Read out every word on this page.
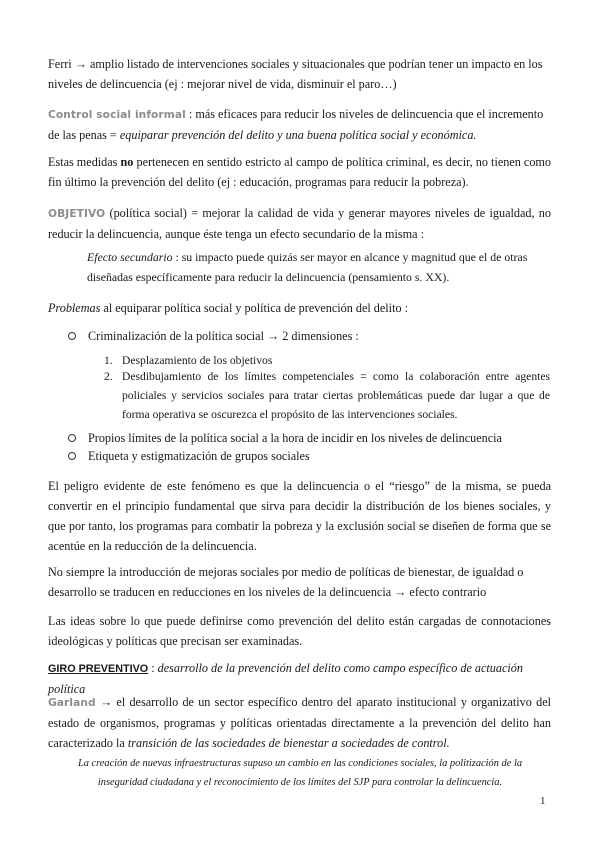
Ferri → amplio listado de intervenciones sociales y situacionales que podrían tener un impacto en los niveles de delincuencia (ej : mejorar nivel de vida, disminuir el paro…)
Control social informal : más eficaces para reducir los niveles de delincuencia que el incremento de las penas = equiparar prevención del delito y una buena política social y económica.
Estas medidas no pertenecen en sentido estricto al campo de política criminal, es decir, no tienen como fin último la prevención del delito (ej : educación, programas para reducir la pobreza).
OBJETIVO (política social) = mejorar la calidad de vida y generar mayores niveles de igualdad, no reducir la delincuencia, aunque éste tenga un efecto secundario de la misma :
Efecto secundario : su impacto puede quizás ser mayor en alcance y magnitud que el de otras diseñadas específicamente para reducir la delincuencia (pensamiento s. XX).
Problemas al equiparar política social y política de prevención del delito :
Criminalización de la política social → 2 dimensiones :
1. Desplazamiento de los objetivos
2. Desdibujamiento de los límites competenciales = como la colaboración entre agentes policiales y servicios sociales para tratar ciertas problemáticas puede dar lugar a que de forma operativa se oscurezca el propósito de las intervenciones sociales.
Propios límites de la política social a la hora de incidir en los niveles de delincuencia
Etiqueta y estigmatización de grupos sociales
El peligro evidente de este fenómeno es que la delincuencia o el “riesgo” de la misma, se pueda convertir en el principio fundamental que sirva para decidir la distribución de los bienes sociales, y que por tanto, los programas para combatir la pobreza y la exclusión social se diseñen de forma que se acentúe en la reducción de la delincuencia.
No siempre la introducción de mejoras sociales por medio de políticas de bienestar, de igualdad o desarrollo se traducen en reducciones en los niveles de la delincuencia → efecto contrario
Las ideas sobre lo que puede definirse como prevención del delito están cargadas de connotaciones ideológicas y políticas que precisan ser examinadas.
GIRO PREVENTIVO : desarrollo de la prevención del delito como campo específico de actuación política
Garland → el desarrollo de un sector específico dentro del aparato institucional y organizativo del estado de organismos, programas y políticas orientadas directamente a la prevención del delito han caracterizado la transición de las sociedades de bienestar a sociedades de control.
La creación de nuevas infraestructuras supuso un cambio en las condiciones sociales, la politización de la inseguridad ciudadana y el reconocimiento de los límites del SJP para controlar la delincuencia.
1
